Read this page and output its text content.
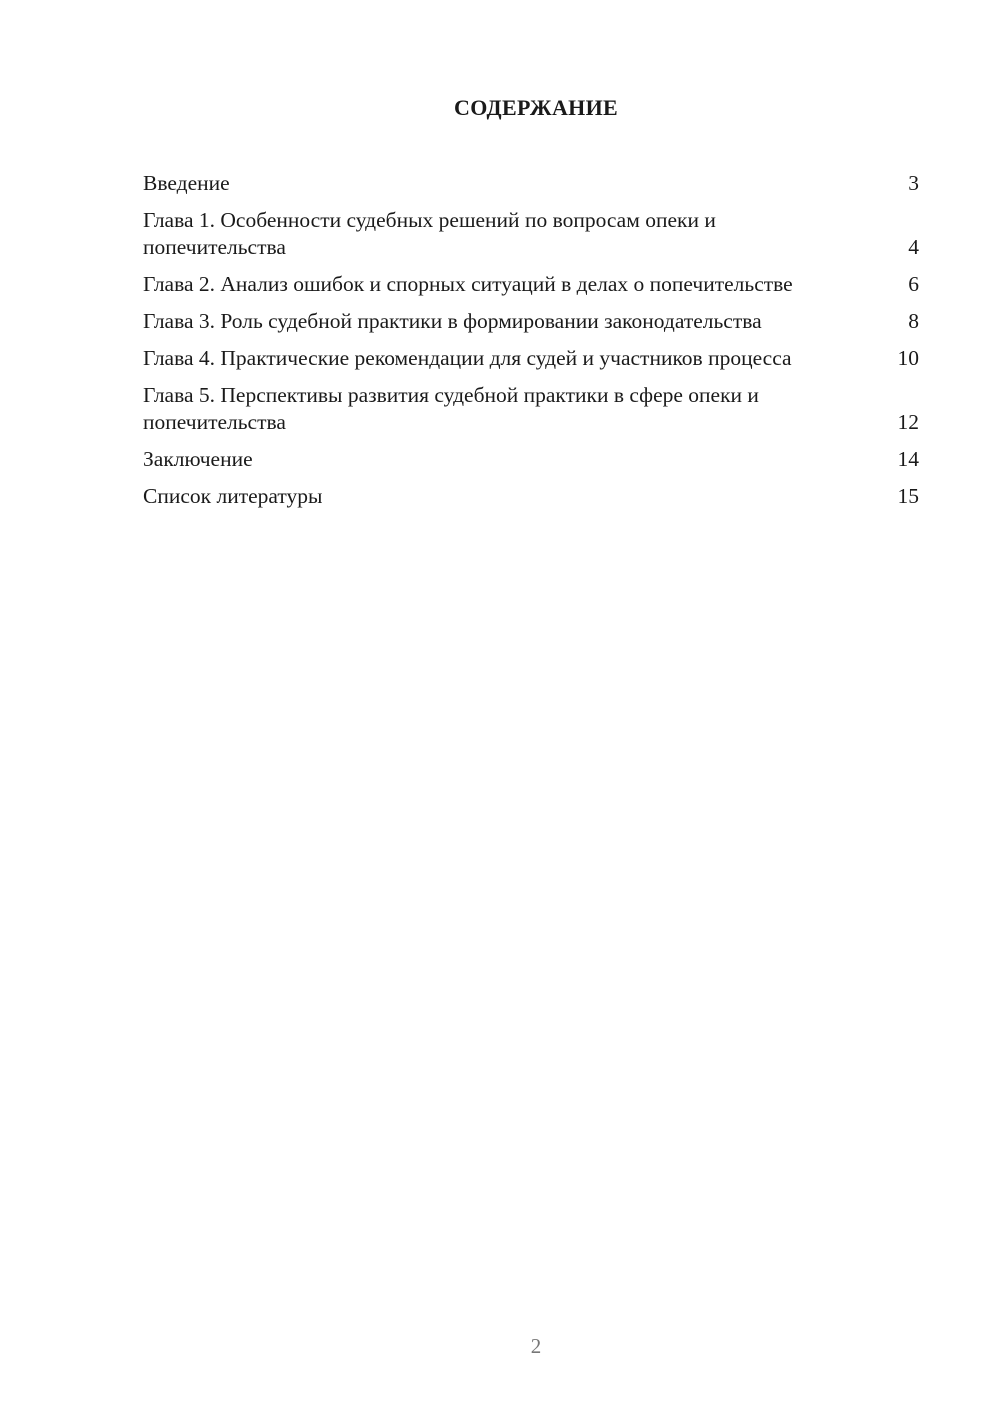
СОДЕРЖАНИЕ
Введение	3
Глава 1. Особенности судебных решений по вопросам опеки и попечительства	4
Глава 2. Анализ ошибок и спорных ситуаций в делах о попечительстве	6
Глава 3. Роль судебной практики в формировании законодательства	8
Глава 4. Практические рекомендации для судей и участников процесса	10
Глава 5. Перспективы развития судебной практики в сфере опеки и попечительства	12
Заключение	14
Список литературы	15
2
